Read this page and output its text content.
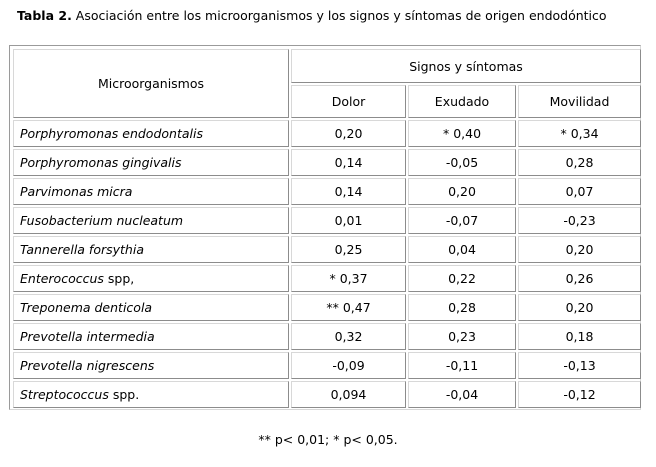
Tabla 2. Asociación entre los microorganismos y los signos y síntomas de origen endodóntico
Microorganismos	Signos y síntomas		
	Dolor	Exudado	Movilidad
Porphyromonas endodontalis	0,20	* 0,40	* 0,34
Porphyromonas gingivalis	0,14	-0,05	0,28
Parvimonas micra	0,14	0,20	0,07
Fusobacterium nucleatum	0,01	-0,07	-0,23
Tannerella forsythia	0,25	0,04	0,20
Enterococcus spp,	* 0,37	0,22	0,26
Treponema denticola	** 0,47	0,28	0,20
Prevotella intermedia	0,32	0,23	0,18
Prevotella nigrescens	-0,09	-0,11	-0,13
Streptococcus spp.	0,094	-0,04	-0,12
** p< 0,01; * p< 0,05.
